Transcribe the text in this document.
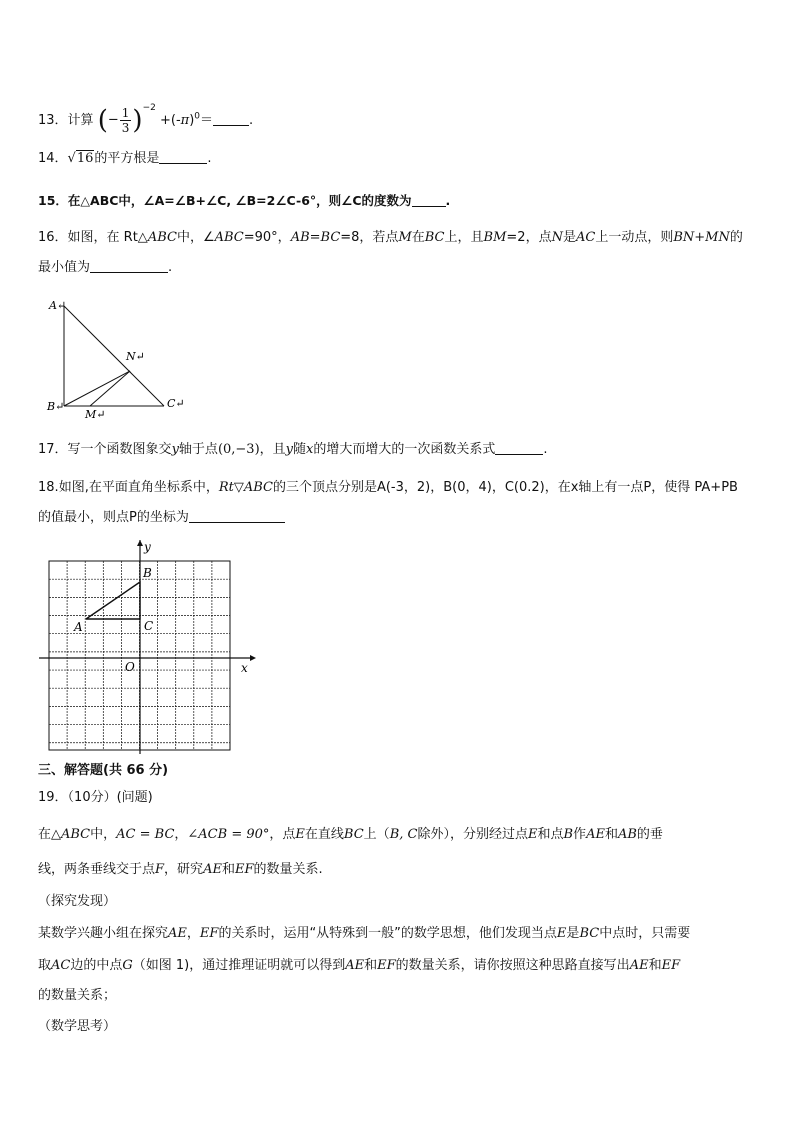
13．计算 (− $\frac{1}{3} )^{-2} +(-\pi)^0=$	.
14．√16的平方根是	.
15．在△ABC中，∠A=∠B+∠C, ∠B=2∠C-6°，则∠C的度数为	.
16．如图，在 Rt△ABC中，∠ABC=90°，AB=BC=8，若点M在BC上，且BM=2，点N是AC上一动点，则BN+MN的
最小值为	.
A↵
B↵	C↵
N↵
M↵
17．写一个函数图象交y轴于点(0,−3)，且y随x的增大而增大的一次函数关系式	.
18.如图,在平面直角坐标系中，Rt▽ABC的三个顶点分别是A(-3，2)，B(0，4)，C(0.2)，在x轴上有一点P，使得 PA+PB
的值最小，则点P的坐标为
A
B
C
O	x
y
三、解答题(共 66 分)
19．（10分）(问题)
在△ABC中，AC = BC，∠ACB = 90°，点E在直线BC上（B, C除外），分别经过点E和点B作AE和AB的垂
线，两条垂线交于点F，研究AE和EF的数量关系.
（探究发现）
某数学兴趣小组在探究AE，EF的关系时，运用“从特殊到一般”的数学思想，他们发现当点E是BC中点时，只需要
取AC边的中点G（如图 1)，通过推理证明就可以得到AE和EF的数量关系，请你按照这种思路直接写出AE和EF
的数量关系；
（数学思考）
